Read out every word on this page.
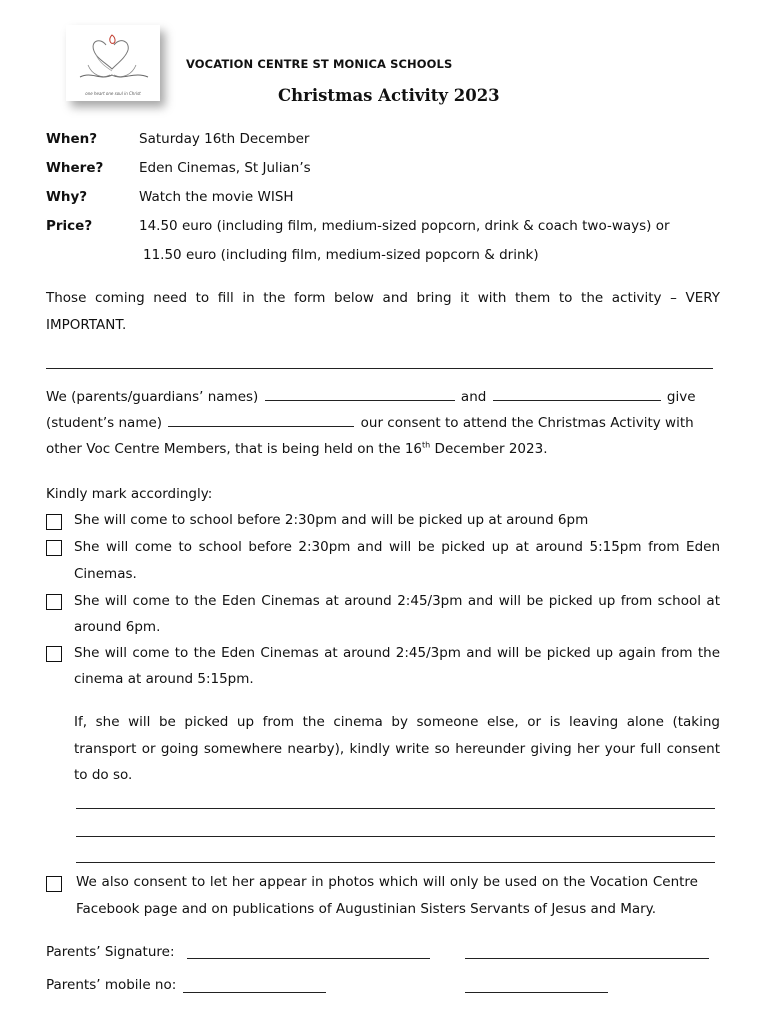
one heart one soul in Christ
VOCATION CENTRE ST MONICA SCHOOLS
Christmas Activity 2023
When?	Saturday 16th December
Where?	Eden Cinemas, St Julian’s
Why?	Watch the movie WISH
Price?	14.50 euro (including film, medium-sized popcorn, drink & coach two-ways) or
11.50 euro (including film, medium-sized popcorn & drink)
Those coming need to fill in the form below and bring it with them to the activity – VERY
IMPORTANT.
We (parents/guardians’ names)	and	give
(student’s name)	our consent to attend the Christmas Activity with
other Voc Centre Members, that is being held on the 16th December 2023.
Kindly mark accordingly:
She will come to school before 2:30pm and will be picked up at around 6pm
She will come to school before 2:30pm and will be picked up at around 5:15pm from Eden
Cinemas.
She will come to the Eden Cinemas at around 2:45/3pm and will be picked up from school at
around 6pm.
She will come to the Eden Cinemas at around 2:45/3pm and will be picked up again from the
cinema at around 5:15pm.
If, she will be picked up from the cinema by someone else, or is leaving alone (taking
transport or going somewhere nearby), kindly write so hereunder giving her your full consent
to do so.
We also consent to let her appear in photos which will only be used on the Vocation Centre
Facebook page and on publications of Augustinian Sisters Servants of Jesus and Mary.
Parents’ Signature:
Parents’ mobile no:
